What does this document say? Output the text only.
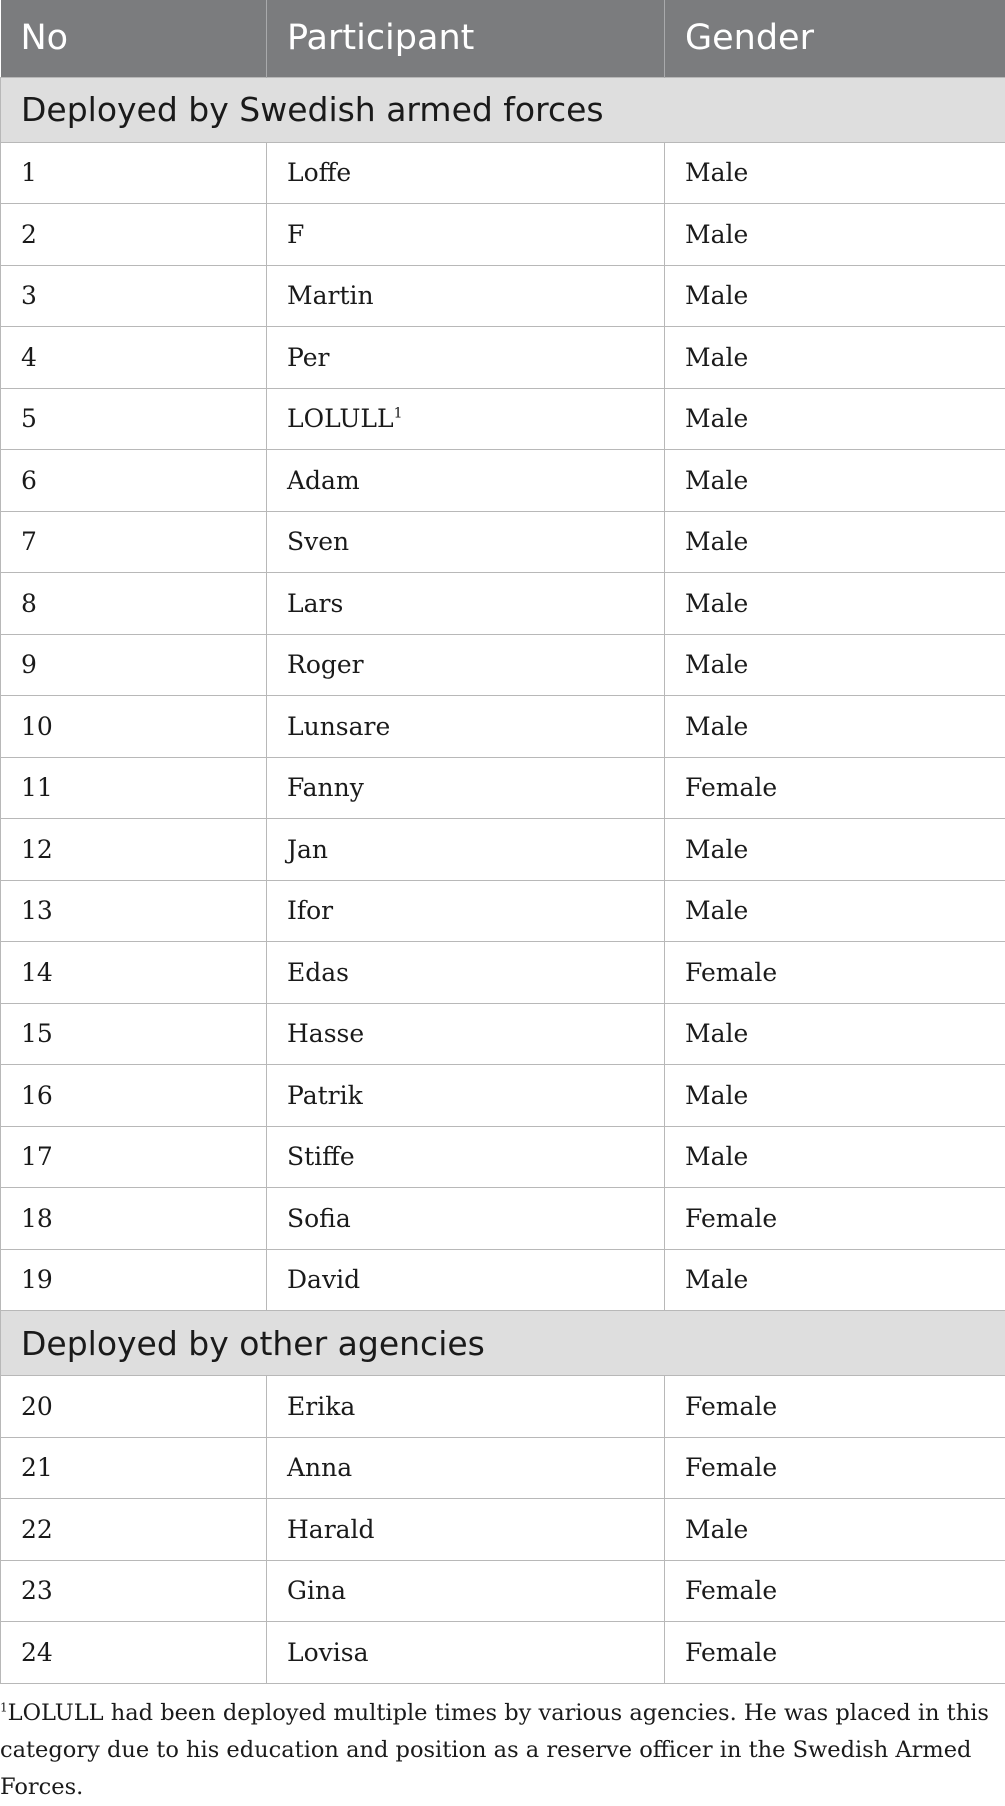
No	Participant	Gender
Deployed by Swedish armed forces		
1	Loffe	Male
2	F	Male
3	Martin	Male
4	Per	Male
5	LOLULL$^1$	Male
6	Adam	Male
7	Sven	Male
8	Lars	Male
9	Roger	Male
10	Lunsare	Male
11	Fanny	Female
12	Jan	Male
13	Ifor	Male
14	Edas	Female
15	Hasse	Male
16	Patrik	Male
17	Stiffe	Male
18	Sofia	Female
19	David	Male
Deployed by other agencies		
20	Erika	Female
21	Anna	Female
22	Harald	Male
23	Gina	Female
24	Lovisa	Female
$^1$LOLULL had been deployed multiple times by various agencies. He was placed in this category due to his education and position as a reserve officer in the Swedish Armed Forces.
